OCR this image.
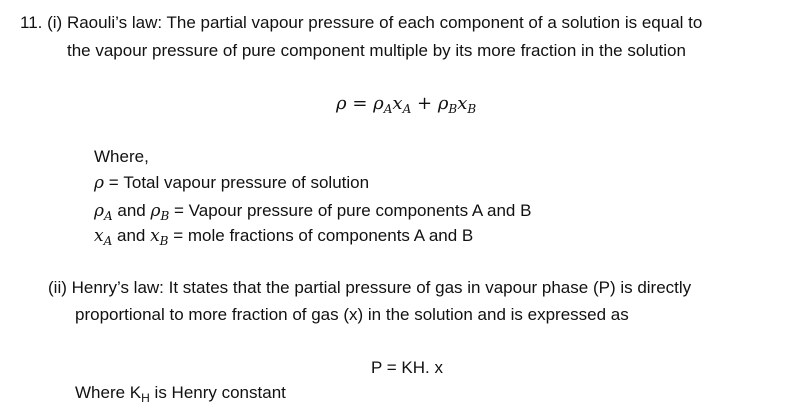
11. (i) Raouli’s law: The partial vapour pressure of each component of a solution is equal to
the vapour pressure of pure component multiple by its more fraction in the solution
$\rho = \rho_Ax_A + \rho_Bx_B$
Where,
ρ = Total vapour pressure of solution
$\rho_A$ and $\rho_B$ = Vapour pressure of pure components A and B
$x_A$ and $x_B$ = mole fractions of components A and B
(ii) Henry’s law: It states that the partial pressure of gas in vapour phase (P) is directly
proportional to more fraction of gas (x) in the solution and is expressed as
P = KH. x
Where $K_H$ is Henry constant
